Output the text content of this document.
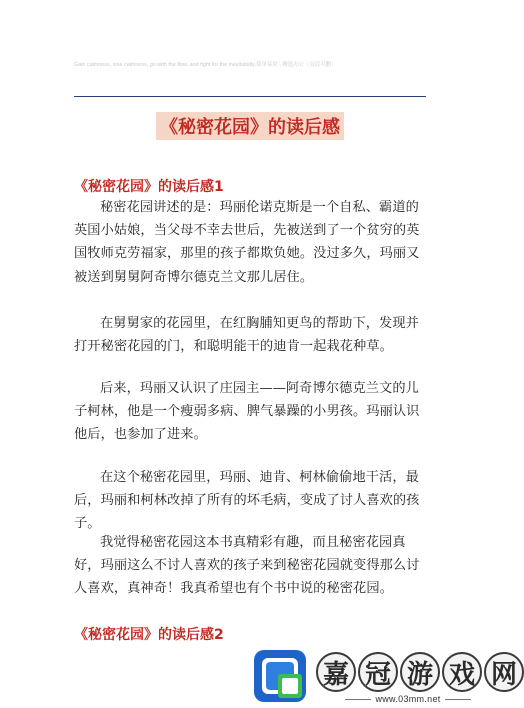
Gain calmness, lose calmness, go with the flow, and fight for the inevitability.简单易用 · 精选办公（页眉可删）
《秘密花园》的读后感
《秘密花园》的读后感1

秘密花园讲述的是：玛丽伦诺克斯是一个自私、霸道的英国小姑娘，当父母不幸去世后，先被送到了一个贫穷的英国牧师克劳福家，那里的孩子都欺负她。没过多久，玛丽又被送到舅舅阿奇博尔德克兰文那儿居住。

在舅舅家的花园里，在红胸脯知更鸟的帮助下，发现并打开秘密花园的门，和聪明能干的迪肯一起栽花种草。

后来，玛丽又认识了庄园主——阿奇博尔德克兰文的儿子柯林，他是一个瘦弱多病、脾气暴躁的小男孩。玛丽认识他后，也参加了进来。

在这个秘密花园里，玛丽、迪肯、柯林偷偷地干活，最后，玛丽和柯林改掉了所有的坏毛病，变成了讨人喜欢的孩子。

我觉得秘密花园这本书真精彩有趣，而且秘密花园真好，玛丽这么不讨人喜欢的孩子来到秘密花园就变得那么讨人喜欢，真神奇！我真希望也有个书中说的秘密花园。

《秘密花园》的读后感2
嘉 冠 游 戏 网
www.03mm.net
